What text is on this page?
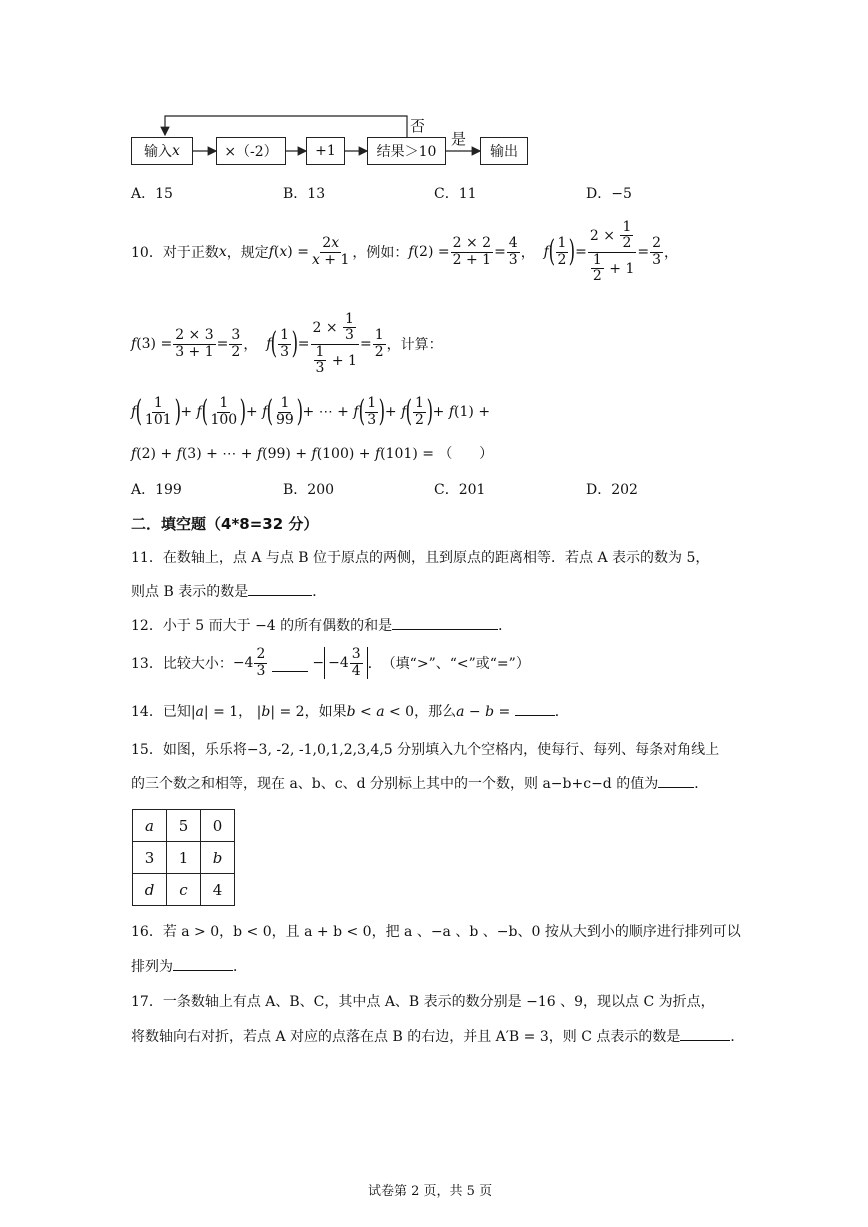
输入 x	×（-2）	+1	结果＞10	输出
否
是
A．15	B．13	C．11	D．−5
10．对于正数 x ，规定 f ( x ) = $\frac{2x}{x + 1}$ ，例如： f $(2) = \frac{2 \times 2}{2 + 1} = \frac{4}{3}$ ， f ( $\frac{1}{2}$ ) = $\frac{2 \times \frac{1}{2}}{\frac{1}{2} + 1} = \frac{2}{3}$ ，
f $(3) = \frac{2 \times 3}{3 + 1} = \frac{3}{2}$ ， f ( $\frac{1}{3}$ ) = $\frac{2 \times \frac{1}{3}}{\frac{1}{3} + 1} = \frac{1}{2}$ ，计算：
f ( $\frac{1}{101}$ ) + f ( $\frac{1}{100}$ ) + f ( $\frac{1}{99}$ ) + ⋯ + f ( $\frac{1}{3}$ ) + f ( $\frac{1}{2}$ ) + f (1) +
f(2) + f(3) + ⋯ + f(99) + f(100) + f(101) = （      ）
A．199	B．200	C．201	D．202
二．填空题（4*8=32 分）
11．在数轴上，点 A 与点 B 位于原点的两侧，且到原点的距离相等．若点 A 表示的数为 5，
则点 B 表示的数是	．
12．小于 5 而大于 −4 的所有偶数的和是	．
13．比较大小： $-4 \frac{2}{3}$	− $-4 \frac{3}{4}$ ． （填“>”、“<”或“=”）
14．已知|a| = 1， |b| = 2，如果b < a < 0，那么a − b =	．
15．如图，乐乐将−3, -2, -1,0,1,2,3,4,5 分别填入九个空格内，使每行、每列、每条对角线上
的三个数之和相等，现在 a、b、c、d 分别标上其中的一个数，则 a−b+c−d 的值为	．
a	5	0
3	1	b
d	c	4
16．若 a > 0，b < 0，且 a + b < 0，把 a 、−a 、b 、−b、0 按从大到小的顺序进行排列可以
排列为	．
17．一条数轴上有点 A、B、C，其中点 A、B 表示的数分别是 −16 、9，现以点 C 为折点，
将数轴向右对折，若点 A 对应的点落在点 B 的右边，并且 A′B = 3，则 C 点表示的数是	．
试卷第 2 页，共 5 页
